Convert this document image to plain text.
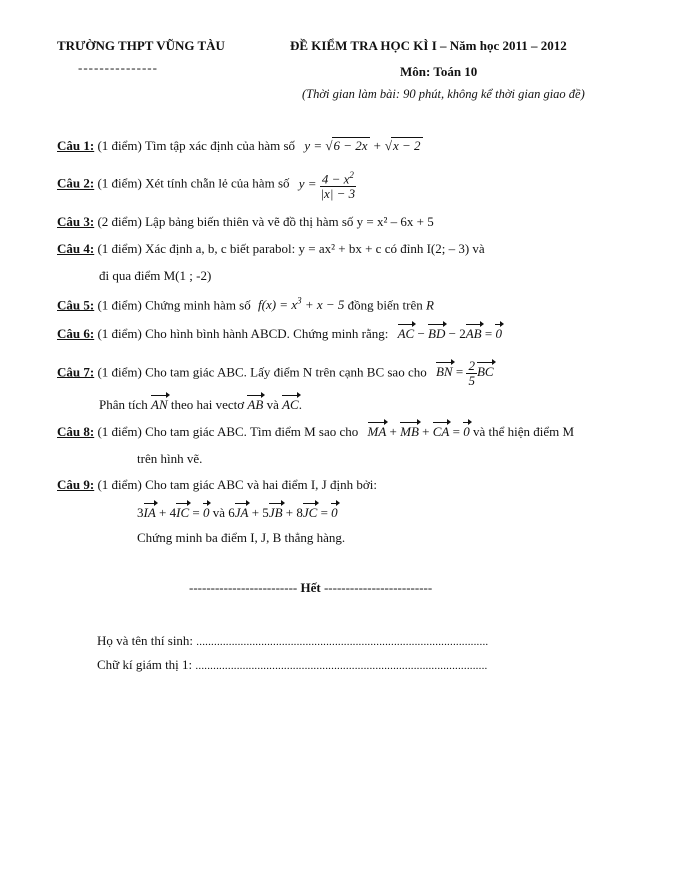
TRƯỜNG THPT VŨNG TÀU
---------------
ĐỀ KIỂM TRA HỌC KÌ I – Năm học 2011 – 2012
Môn: Toán 10
(Thời gian làm bài: 90 phút, không kể thời gian giao đề)
Câu 1: (1 điểm) Tìm tập xác định của hàm số y = √6 − 2x + √x − 2
Câu 2: (1 điểm) Xét tính chẵn lẻ của hàm số $y = \frac{4 - x^2}{|x| - 3}$
Câu 3: (2 điểm) Lập bảng biến thiên và vẽ đồ thị hàm số y = x² – 6x + 5
Câu 4: (1 điểm) Xác định a, b, c biết parabol: y = ax² + bx + c có đỉnh I(2; – 3) và
đi qua điểm M(1 ; -2)
Câu 5: (1 điểm) Chứng minh hàm số $f(x) = x^3 + x - 5$ đồng biến trên R
Câu 6: (1 điểm) Cho hình bình hành ABCD. Chứng minh rằng: AC − BD − 2AB = 0
Câu 7: (1 điểm) Cho tam giác ABC. Lấy điểm N trên cạnh BC sao cho BN = $\frac{2}{5}$ BC
Phân tích AN theo hai vectơ AB và AC.
Câu 8: (1 điểm) Cho tam giác ABC. Tìm điểm M sao cho MA + MB + CA = 0 và thể hiện điểm M
trên hình vẽ.
Câu 9: (1 điểm) Cho tam giác ABC và hai điểm I, J định bởi:
3IA + 4IC = 0 và 6JA + 5JB + 8JC = 0
Chứng minh ba điểm I, J, B thẳng hàng.
------------------------- Hết -------------------------
Họ và tên thí sinh: ...................................................................................................
Chữ kí giám thị 1: ...................................................................................................
